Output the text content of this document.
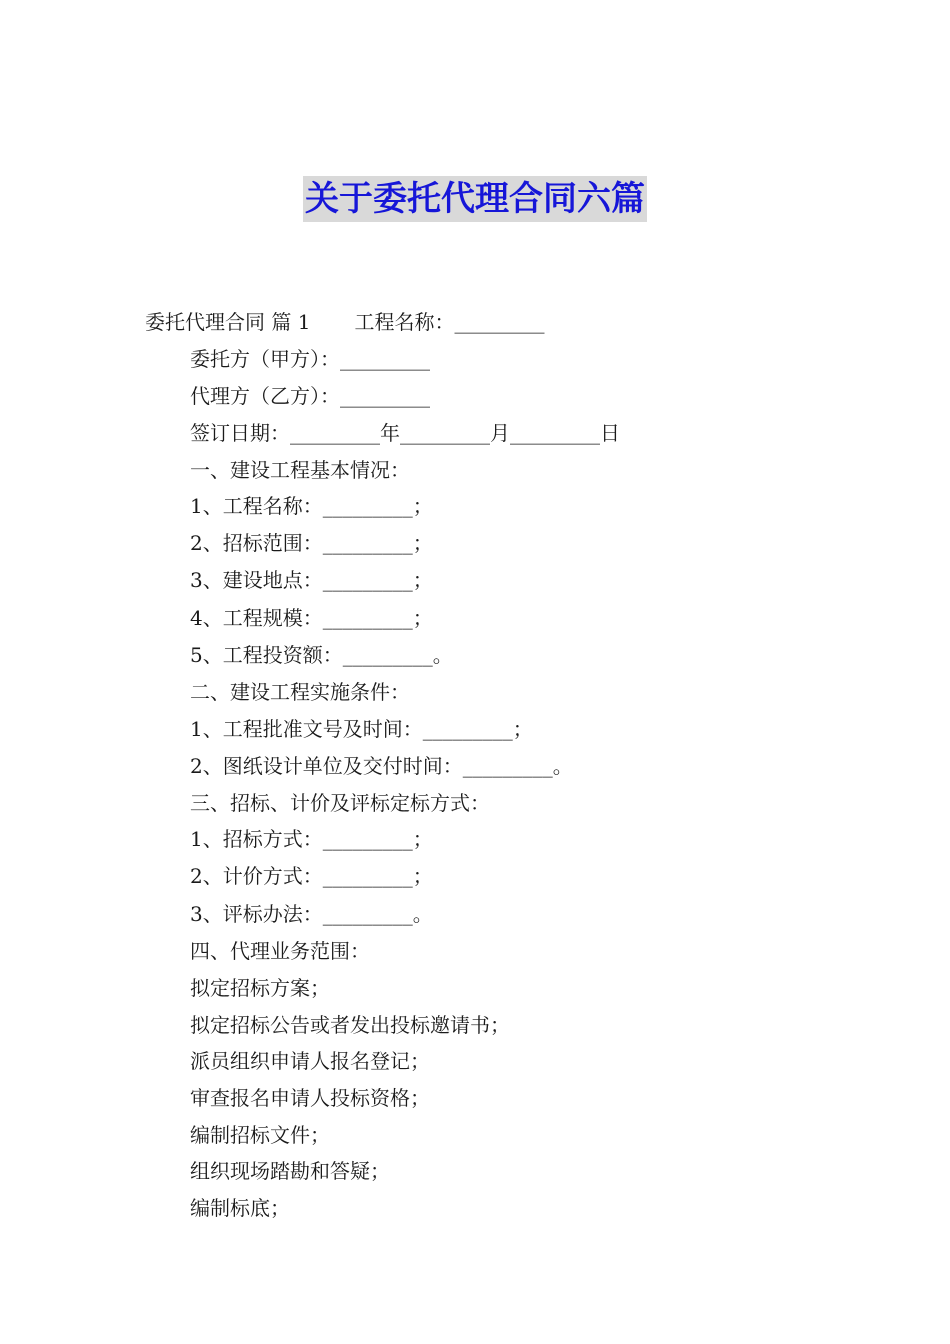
关于委托代理合同六篇
委托代理合同 篇 1 工程名称：_________
委托方（甲方）：_________
代理方（乙方）：_________
签订日期：_________年_________月_________日
一、建设工程基本情况：
1、工程名称：_________；
2、招标范围：_________；
3、建设地点：_________；
4、工程规模：_________；
5、工程投资额：_________。
二、建设工程实施条件：
1、工程批准文号及时间：_________；
2、图纸设计单位及交付时间：_________。
三、招标、计价及评标定标方式：
1、招标方式：_________；
2、计价方式：_________；
3、评标办法：_________。
四、代理业务范围：
拟定招标方案；
拟定招标公告或者发出投标邀请书；
派员组织申请人报名登记；
审查报名申请人投标资格；
编制招标文件；
组织现场踏勘和答疑；
编制标底；
